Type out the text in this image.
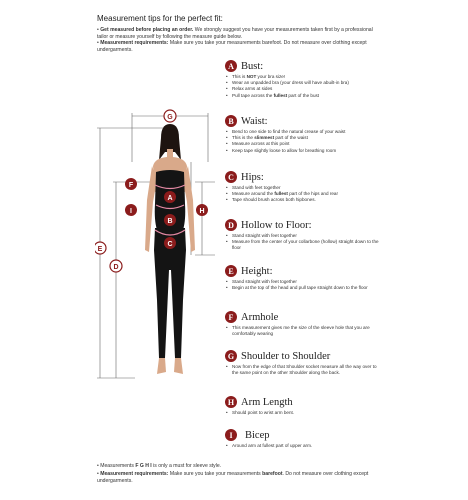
Measurement tips for the perfect fit:
• Get measured before placing an order. We strongly suggest you have your measurements taken first by a professional tailor or measure yourself by following the measure guide below.
• Measurement requirements: Make sure you take your measurements barefoot. Do not measure over clothing except undergarments.
G
F
A
I
B
H
C
E
D
A Bust:
• This is NOT your bra size!
• Wear an unpadded bra (your dress will have abuilt-in bra)
• Relax arms at sides
• Pull tape across the fullest part of the bust
B Waist:
• Bend to one side to find the natural crease of your waist
• This is the slimmest part of the waist
• Measure across at this point
• Keep tape slightly loose to allow for breathing room
C Hips:
• Stand with feet together
• Measure around the fullest part of the hips and rear
• Tape should brush across both hipbones.
D Hollow to Floor:
• Stand straight with feet together
• Measure from the center of your collarbone (hollow) straight down to the floor
E Height:
• Stand straight with feet together
• Begin at the top of the head and pull tape straight down to the floor
F Armhole
• This measurement gives me the size of the sleeve hole that you are comfortably wearing
G Shoulder to Shoulder
• Now from the edge of that Shoulder socket measure all the way over to the same point on the other Shoulder along the back.
H Arm Length
• Should point to wrist arm bent.
I	Bicep
• Around arm at fullest part of upper arm.
• Measurements F G H I is only a must for sleeve style.
• Measurement requirements: Make sure you take your measurements barefoot. Do not measure over clothing except undergarments.
